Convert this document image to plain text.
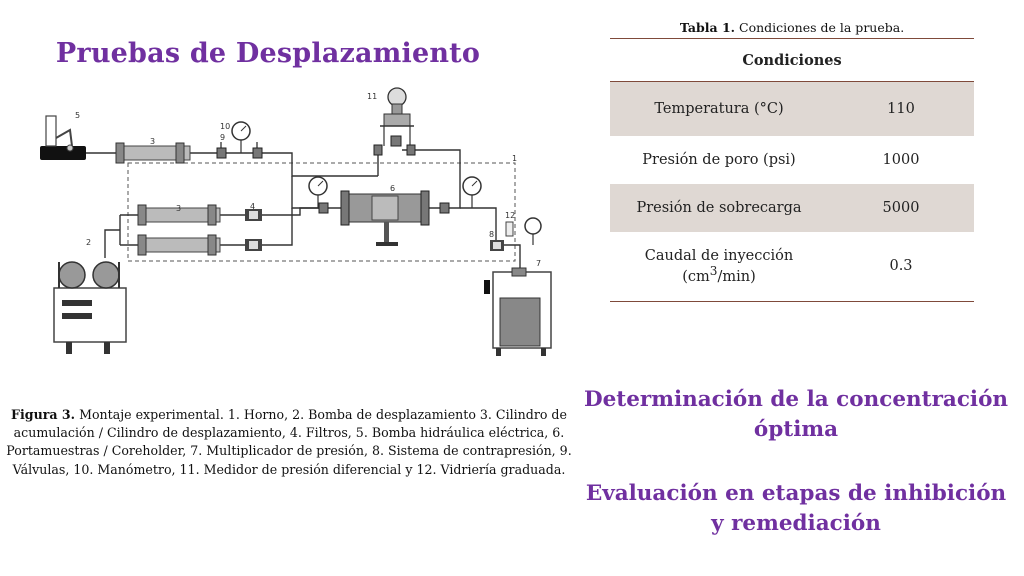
Pruebas de Desplazamiento
1
2
3
3	4
5
6
7
8
9
10
11
12
Figura 3. Montaje experimental. 1. Horno, 2. Bomba de desplazamiento 3. Cilindro de acumulación / Cilindro de desplazamiento, 4. Filtros, 5. Bomba hidráulica eléctrica, 6. Portamuestras / Coreholder, 7. Multiplicador de presión, 8. Sistema de contrapresión, 9. Válvulas, 10. Manómetro, 11. Medidor de presión diferencial y 12. Vidriería graduada.
Tabla 1. Condiciones de la prueba.
Condiciones	
Temperatura (°C)	110
Presión de poro (psi)	1000
Presión de sobrecarga	5000
Caudal de inyección
$(cm^3/\min)$	0.3
Determinación de la concentración óptima
Evaluación en etapas de inhibición y remediación
